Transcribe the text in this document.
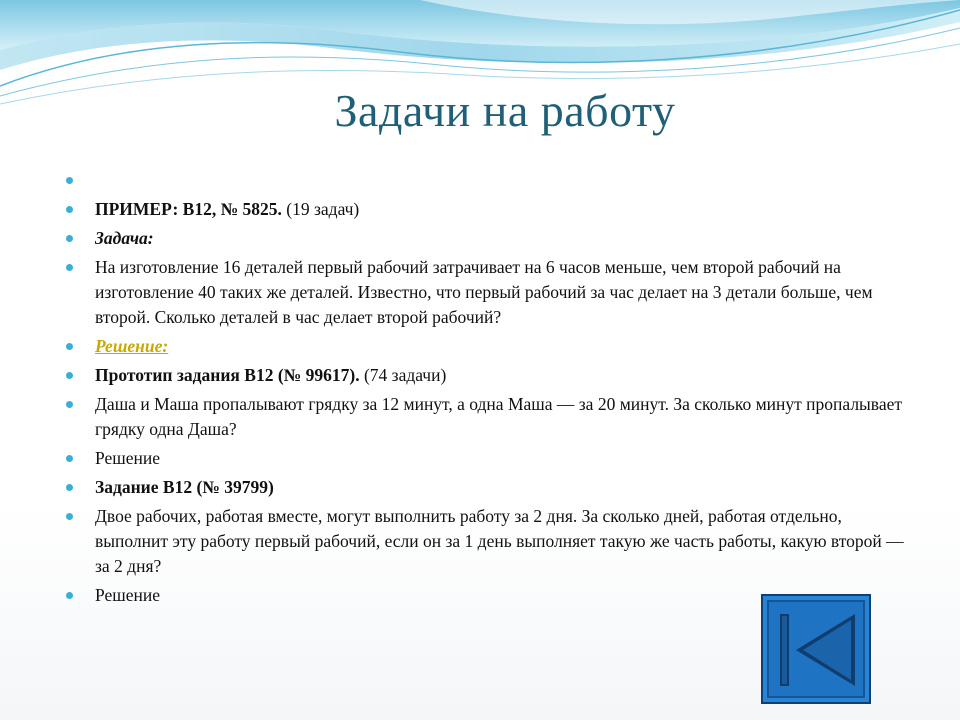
Задачи на работу
ПРИМЕР: B12, № 5825. (19 задач)
Задача:
На изготовление 16 деталей первый рабочий затрачивает на 6 часов меньше, чем второй рабочий на изготовление 40 таких же деталей. Известно, что первый рабочий за час делает на 3 детали больше, чем второй. Сколько деталей в час делает второй рабочий?
Решение:
Прототип задания B12 (№ 99617). (74 задачи)
Даша и Маша пропалывают грядку за 12 минут, а одна Маша — за 20 минут. За сколько минут пропалывает грядку одна Даша?
Решение
Задание B12 (№ 39799)
Двое рабочих, работая вместе, могут выполнить работу за 2 дня. За сколько дней, работая отдельно, выполнит эту работу первый рабочий, если он за 1 день выполняет такую же часть работы, какую второй — за 2 дня?
Решение
